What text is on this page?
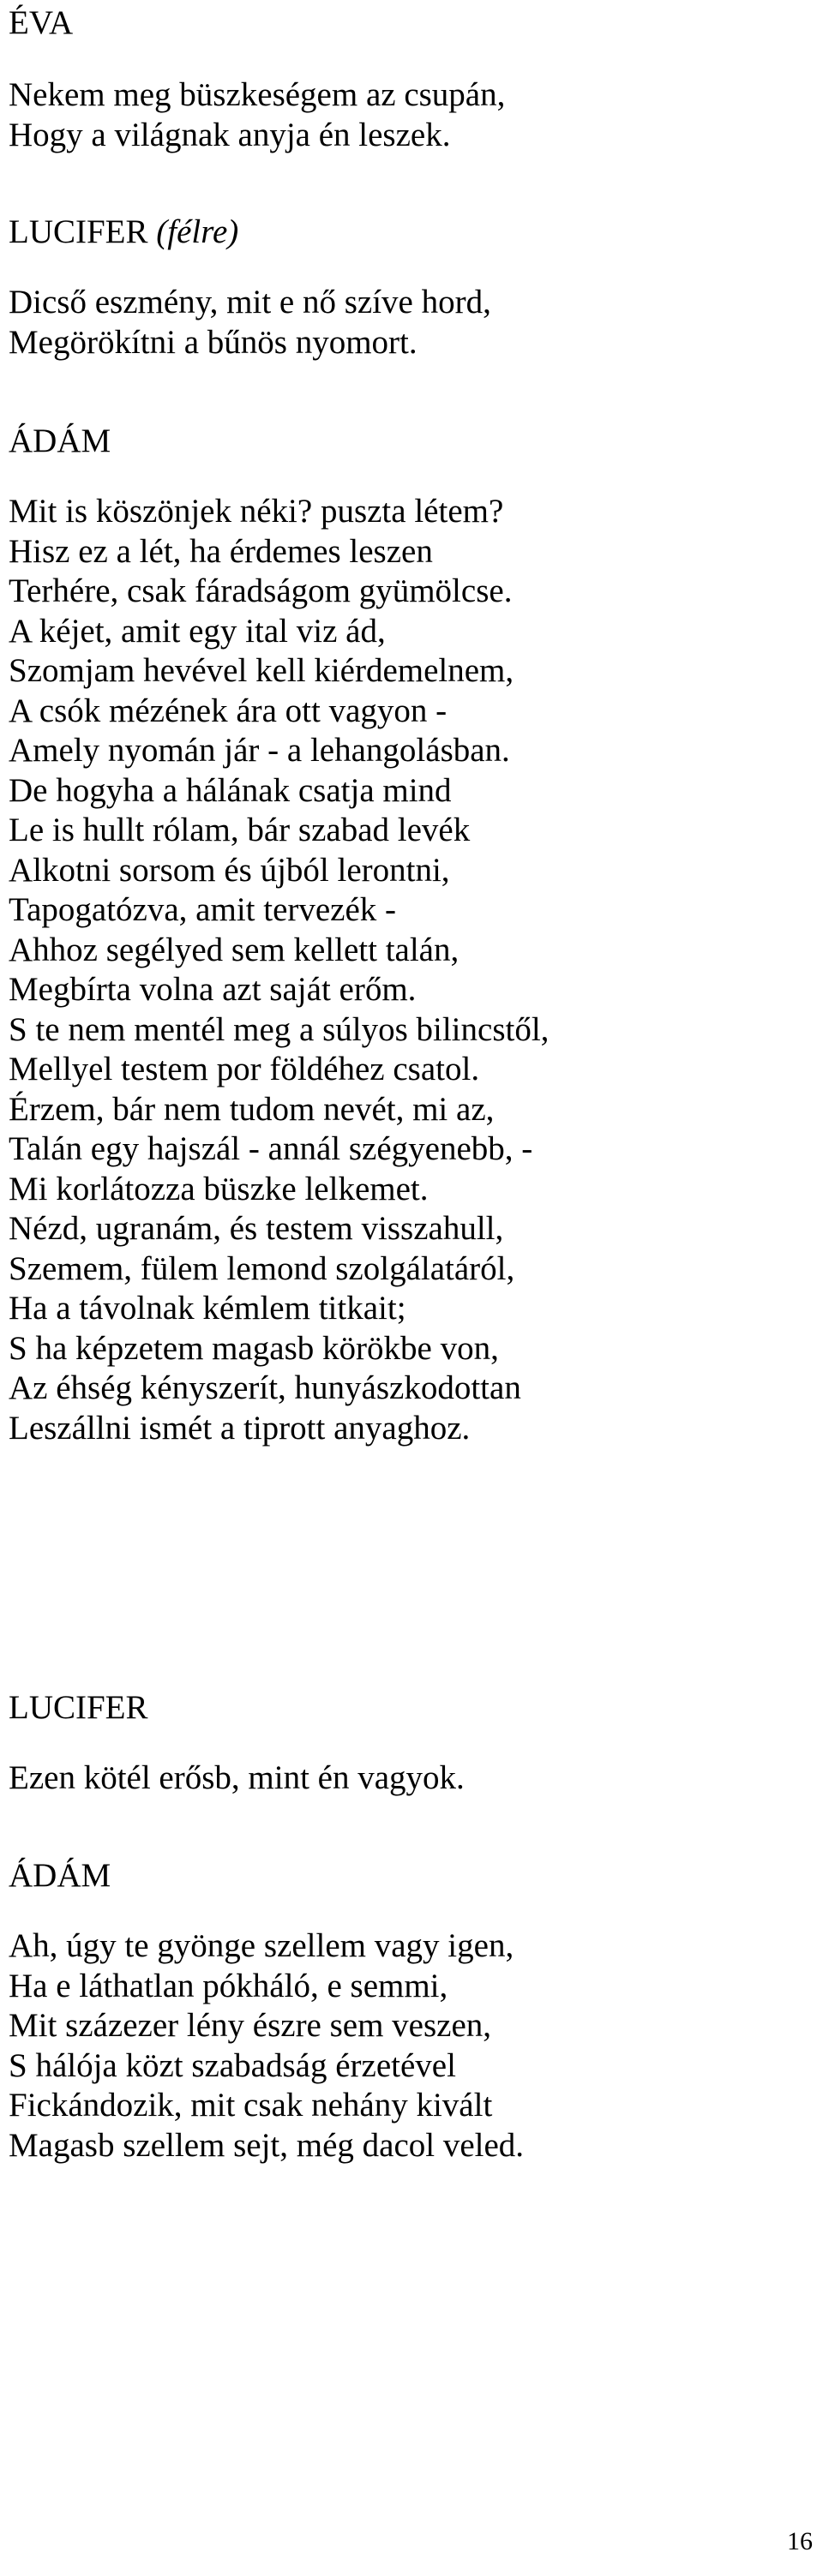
ÉVA

Nekem meg büszkeségem az csupán,
Hogy a világnak anyja én leszek.

LUCIFER (félre)

Dicső eszmény, mit e nő szíve hord,
Megörökítni a bűnös nyomort.

ÁDÁM

Mit is köszönjek néki? puszta létem?
Hisz ez a lét, ha érdemes leszen
Terhére, csak fáradságom gyümölcse.
A kéjet, amit egy ital viz ád,
Szomjam hevével kell kiérdemelnem,
A csók mézének ára ott vagyon -
Amely nyomán jár - a lehangolásban.
De hogyha a hálának csatja mind
Le is hullt rólam, bár szabad levék
Alkotni sorsom és újból lerontni,
Tapogatózva, amit tervezék -
Ahhoz segélyed sem kellett talán,
Megbírta volna azt saját erőm.
S te nem mentél meg a súlyos bilincstől,
Mellyel testem por földéhez csatol.
Érzem, bár nem tudom nevét, mi az,
Talán egy hajszál - annál szégyenebb, -
Mi korlátozza büszke lelkemet.
Nézd, ugranám, és testem visszahull,
Szemem, fülem lemond szolgálatáról,
Ha a távolnak kémlem titkait;
S ha képzetem magasb körökbe von,
Az éhség kényszerít, hunyászkodottan
Leszállni ismét a tiprott anyaghoz.

LUCIFER

Ezen kötél erősb, mint én vagyok.

ÁDÁM

Ah, úgy te gyönge szellem vagy igen,
Ha e láthatlan pókháló, e semmi,
Mit százezer lény észre sem veszen,
S hálója közt szabadság érzetével
Fickándozik, mit csak nehány kivált
Magasb szellem sejt, még dacol veled.
16
